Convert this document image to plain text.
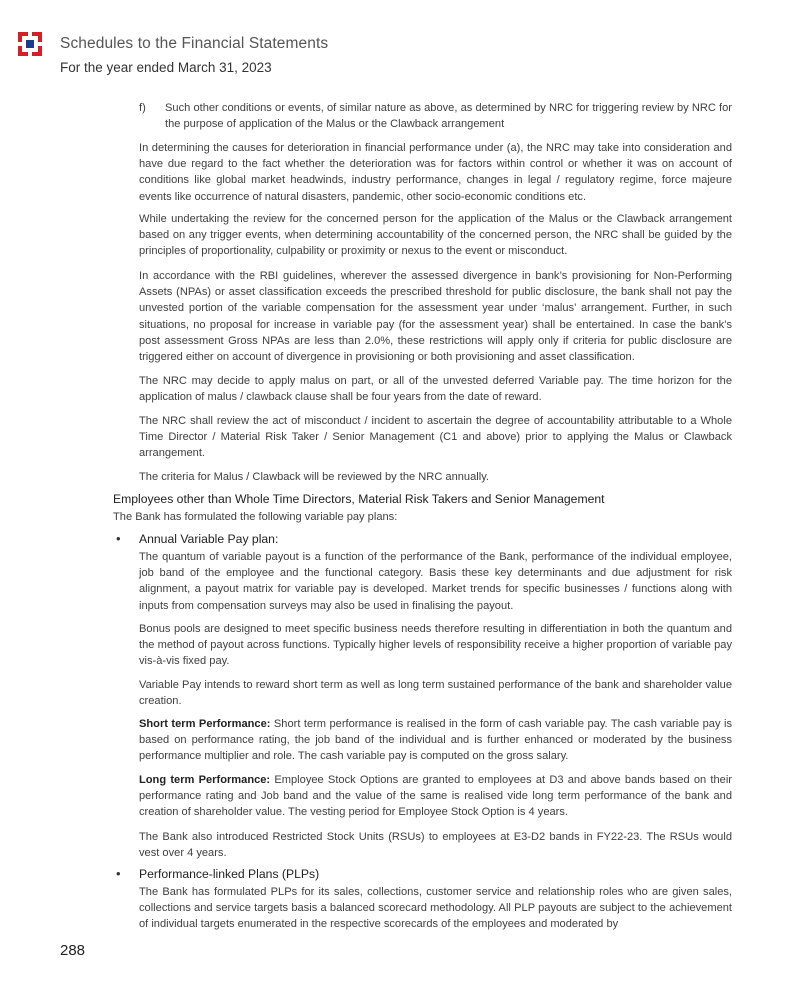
Schedules to the Financial Statements
For the year ended March 31, 2023
f) Such other conditions or events, of similar nature as above, as determined by NRC for triggering review by NRC for the purpose of application of the Malus or the Clawback arrangement
In determining the causes for deterioration in financial performance under (a), the NRC may take into consideration and have due regard to the fact whether the deterioration was for factors within control or whether it was on account of conditions like global market headwinds, industry performance, changes in legal / regulatory regime, force majeure events like occurrence of natural disasters, pandemic, other socio-economic conditions etc.
While undertaking the review for the concerned person for the application of the Malus or the Clawback arrangement based on any trigger events, when determining accountability of the concerned person, the NRC shall be guided by the principles of proportionality, culpability or proximity or nexus to the event or misconduct.
In accordance with the RBI guidelines, wherever the assessed divergence in bank’s provisioning for Non-Performing Assets (NPAs) or asset classification exceeds the prescribed threshold for public disclosure, the bank shall not pay the unvested portion of the variable compensation for the assessment year under ‘malus’ arrangement. Further, in such situations, no proposal for increase in variable pay (for the assessment year) shall be entertained. In case the bank’s post assessment Gross NPAs are less than 2.0%, these restrictions will apply only if criteria for public disclosure are triggered either on account of divergence in provisioning or both provisioning and asset classification.
The NRC may decide to apply malus on part, or all of the unvested deferred Variable pay. The time horizon for the application of malus / clawback clause shall be four years from the date of reward.
The NRC shall review the act of misconduct / incident to ascertain the degree of accountability attributable to a Whole Time Director / Material Risk Taker / Senior Management (C1 and above) prior to applying the Malus or Clawback arrangement.
The criteria for Malus / Clawback will be reviewed by the NRC annually.
Employees other than Whole Time Directors, Material Risk Takers and Senior Management
The Bank has formulated the following variable pay plans:
• Annual Variable Pay plan:
The quantum of variable payout is a function of the performance of the Bank, performance of the individual employee, job band of the employee and the functional category. Basis these key determinants and due adjustment for risk alignment, a payout matrix for variable pay is developed. Market trends for specific businesses / functions along with inputs from compensation surveys may also be used in finalising the payout.
Bonus pools are designed to meet specific business needs therefore resulting in differentiation in both the quantum and the method of payout across functions. Typically higher levels of responsibility receive a higher proportion of variable pay vis-à-vis fixed pay.
Variable Pay intends to reward short term as well as long term sustained performance of the bank and shareholder value creation.
Short term Performance: Short term performance is realised in the form of cash variable pay. The cash variable pay is based on performance rating, the job band of the individual and is further enhanced or moderated by the business performance multiplier and role. The cash variable pay is computed on the gross salary.
Long term Performance: Employee Stock Options are granted to employees at D3 and above bands based on their performance rating and Job band and the value of the same is realised vide long term performance of the bank and creation of shareholder value. The vesting period for Employee Stock Option is 4 years.
The Bank also introduced Restricted Stock Units (RSUs) to employees at E3-D2 bands in FY22-23. The RSUs would vest over 4 years.
• Performance-linked Plans (PLPs)
The Bank has formulated PLPs for its sales, collections, customer service and relationship roles who are given sales, collections and service targets basis a balanced scorecard methodology. All PLP payouts are subject to the achievement of individual targets enumerated in the respective scorecards of the employees and moderated by
288
